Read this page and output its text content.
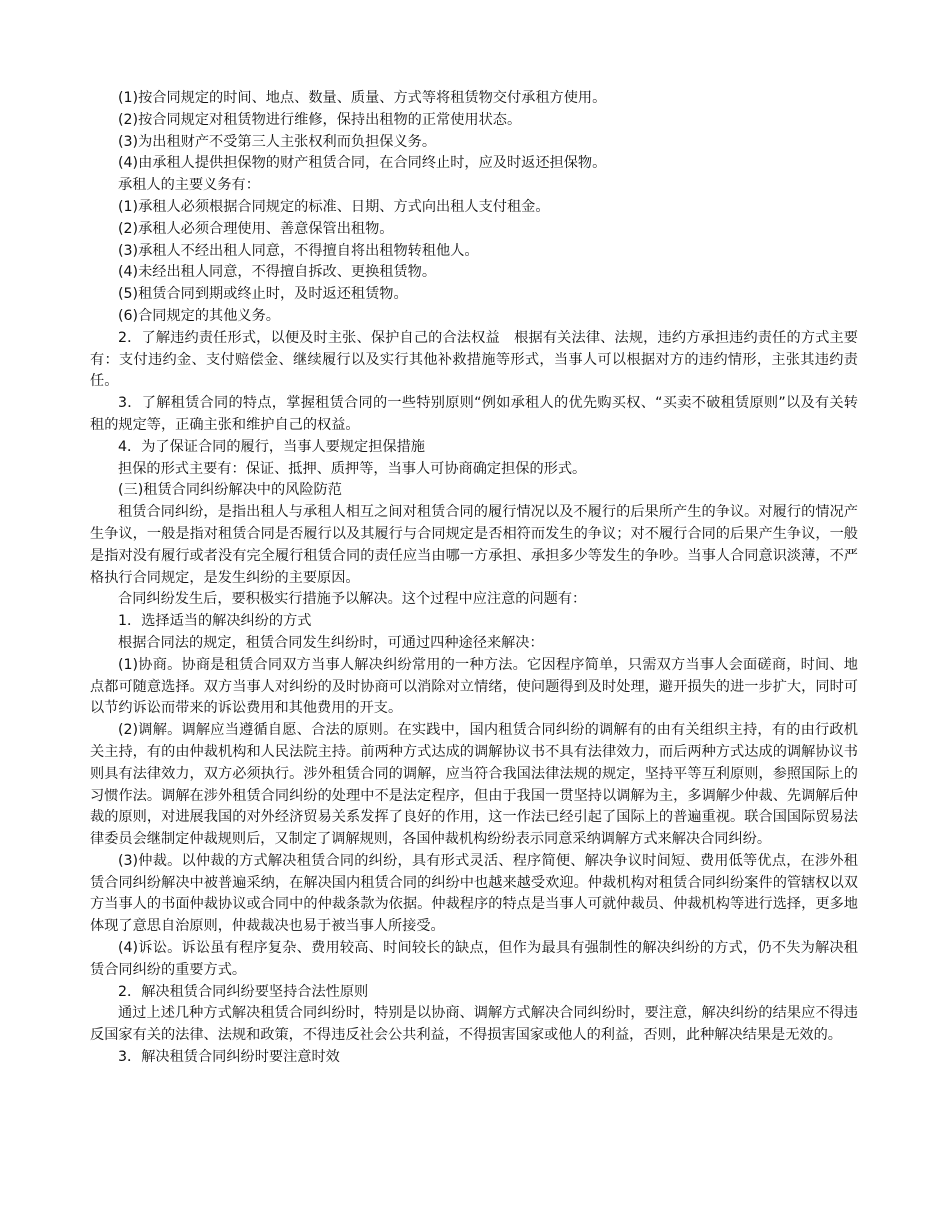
(1)按合同规定的时间、地点、数量、质量、方式等将租赁物交付承租方使用。

(2)按合同规定对租赁物进行维修，保持出租物的正常使用状态。

(3)为出租财产不受第三人主张权利而负担保义务。

(4)由承租人提供担保物的财产租赁合同，在合同终止时，应及时返还担保物。

承租人的主要义务有：

(1)承租人必须根据合同规定的标准、日期、方式向出租人支付租金。

(2)承租人必须合理使用、善意保管出租物。

(3)承租人不经出租人同意，不得擅自将出租物转租他人。

(4)未经出租人同意，不得擅自拆改、更换租赁物。

(5)租赁合同到期或终止时，及时返还租赁物。

(6)合同规定的其他义务。

2．了解违约责任形式，以便及时主张、保护自己的合法权益　根据有关法律、法规，违约方承担违约责任的方式主要有：支付违约金、支付赔偿金、继续履行以及实行其他补救措施等形式，当事人可以根据对方的违约情形，主张其违约责任。

3．了解租赁合同的特点，掌握租赁合同的一些特别原则“例如承租人的优先购买权、“买卖不破租赁原则”以及有关转租的规定等，正确主张和维护自己的权益。

4．为了保证合同的履行，当事人要规定担保措施

担保的形式主要有：保证、抵押、质押等，当事人可协商确定担保的形式。

(三)租赁合同纠纷解决中的风险防范

租赁合同纠纷，是指出租人与承租人相互之间对租赁合同的履行情况以及不履行的后果所产生的争议。对履行的情况产生争议，一般是指对租赁合同是否履行以及其履行与合同规定是否相符而发生的争议；对不履行合同的后果产生争议，一般是指对没有履行或者没有完全履行租赁合同的责任应当由哪一方承担、承担多少等发生的争吵。当事人合同意识淡薄，不严格执行合同规定，是发生纠纷的主要原因。

合同纠纷发生后，要积极实行措施予以解决。这个过程中应注意的问题有：

1．选择适当的解决纠纷的方式

根据合同法的规定，租赁合同发生纠纷时，可通过四种途径来解决：

(1)协商。协商是租赁合同双方当事人解决纠纷常用的一种方法。它因程序简单，只需双方当事人会面磋商，时间、地点都可随意选择。双方当事人对纠纷的及时协商可以消除对立情绪，使问题得到及时处理，避开损失的进一步扩大，同时可以节约诉讼而带来的诉讼费用和其他费用的开支。

(2)调解。调解应当遵循自愿、合法的原则。在实践中，国内租赁合同纠纷的调解有的由有关组织主持，有的由行政机关主持，有的由仲裁机构和人民法院主持。前两种方式达成的调解协议书不具有法律效力，而后两种方式达成的调解协议书则具有法律效力，双方必须执行。涉外租赁合同的调解，应当符合我国法律法规的规定，坚持平等互利原则，参照国际上的习惯作法。调解在涉外租赁合同纠纷的处理中不是法定程序，但由于我国一贯坚持以调解为主，多调解少仲裁、先调解后仲裁的原则，对进展我国的对外经济贸易关系发挥了良好的作用，这一作法已经引起了国际上的普遍重视。联合国国际贸易法律委员会继制定仲裁规则后，又制定了调解规则，各国仲裁机构纷纷表示同意采纳调解方式来解决合同纠纷。

(3)仲裁。以仲裁的方式解决租赁合同的纠纷，具有形式灵活、程序简便、解决争议时间短、费用低等优点，在涉外租赁合同纠纷解决中被普遍采纳，在解决国内租赁合同的纠纷中也越来越受欢迎。仲裁机构对租赁合同纠纷案件的管辖权以双方当事人的书面仲裁协议或合同中的仲裁条款为依据。仲裁程序的特点是当事人可就仲裁员、仲裁机构等进行选择，更多地体现了意思自治原则，仲裁裁决也易于被当事人所接受。

(4)诉讼。诉讼虽有程序复杂、费用较高、时间较长的缺点，但作为最具有强制性的解决纠纷的方式，仍不失为解决租赁合同纠纷的重要方式。

2．解决租赁合同纠纷要坚持合法性原则

通过上述几种方式解决租赁合同纠纷时，特别是以协商、调解方式解决合同纠纷时，要注意，解决纠纷的结果应不得违反国家有关的法律、法规和政策，不得违反社会公共利益，不得损害国家或他人的利益，否则，此种解决结果是无效的。

3．解决租赁合同纠纷时要注意时效
